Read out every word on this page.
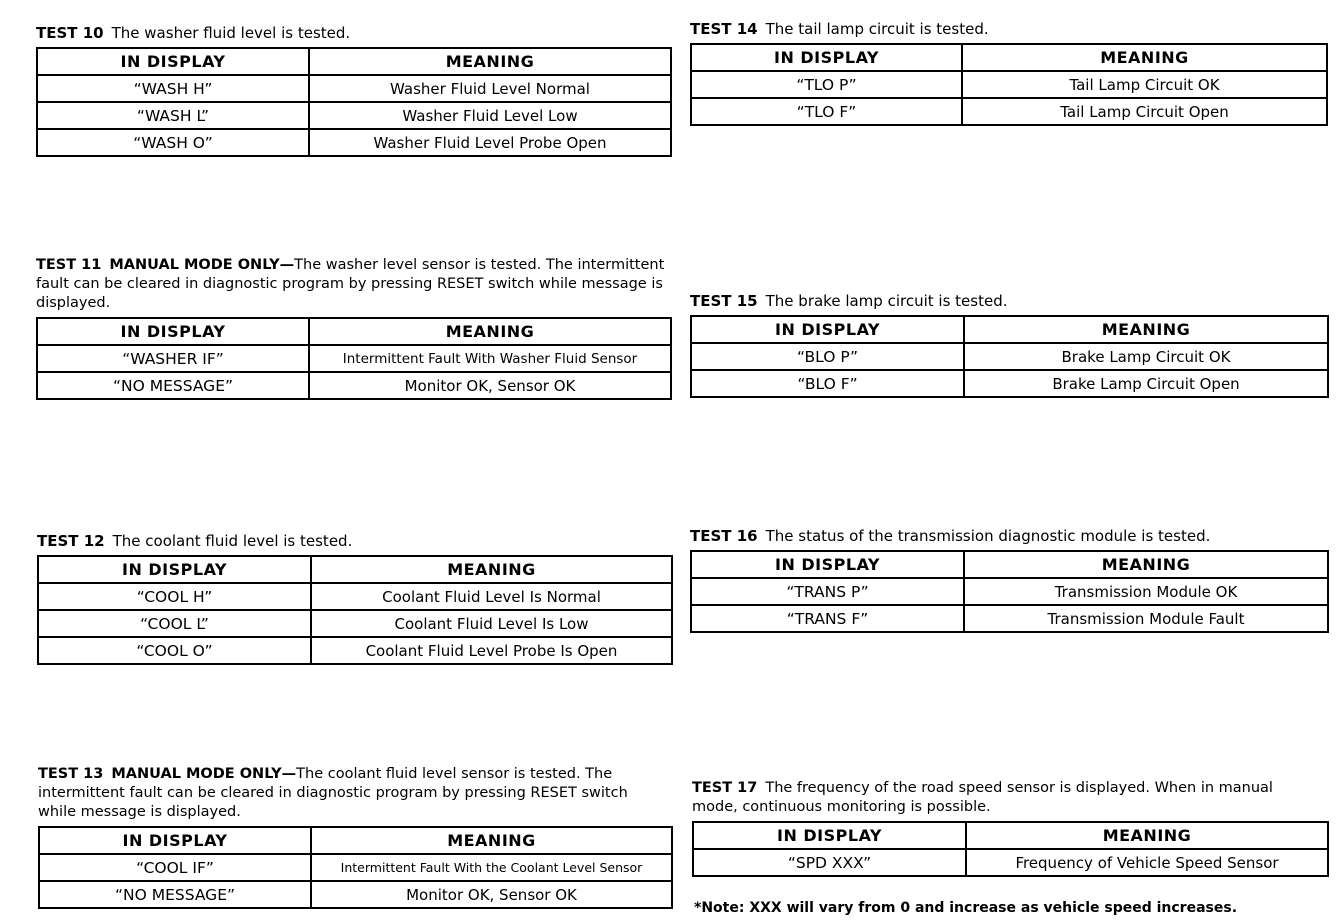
TEST 10 The washer fluid level is tested.

IN DISPLAY	MEANING
“WASH H”	Washer Fluid Level Normal
“WASH L”	Washer Fluid Level Low
“WASH O”	Washer Fluid Level Probe Open

TEST 11 MANUAL MODE ONLY—The washer level sensor is tested. The intermittent fault can be cleared in diagnostic program by pressing RESET switch while message is displayed.

IN DISPLAY	MEANING
“WASHER IF”	Intermittent Fault With Washer Fluid Sensor
“NO MESSAGE”	Monitor OK, Sensor OK

TEST 12 The coolant fluid level is tested.

IN DISPLAY	MEANING
“COOL H”	Coolant Fluid Level Is Normal
“COOL L”	Coolant Fluid Level Is Low
“COOL O”	Coolant Fluid Level Probe Is Open

TEST 13 MANUAL MODE ONLY—The coolant fluid level sensor is tested. The intermittent fault can be cleared in diagnostic program by pressing RESET switch while message is displayed.

IN DISPLAY	MEANING
“COOL IF”	Intermittent Fault With the Coolant Level Sensor
“NO MESSAGE”	Monitor OK, Sensor OK

TEST 14 The tail lamp circuit is tested.

IN DISPLAY	MEANING
“TLO P”	Tail Lamp Circuit OK
“TLO F”	Tail Lamp Circuit Open

TEST 15 The brake lamp circuit is tested.

IN DISPLAY	MEANING
“BLO P”	Brake Lamp Circuit OK
“BLO F”	Brake Lamp Circuit Open

TEST 16 The status of the transmission diagnostic module is tested.

IN DISPLAY	MEANING
“TRANS P”	Transmission Module OK
“TRANS F”	Transmission Module Fault

TEST 17 The frequency of the road speed sensor is displayed. When in manual mode, continuous monitoring is possible.

IN DISPLAY	MEANING
“SPD XXX”	Frequency of Vehicle Speed Sensor
*Note: XXX will vary from 0 and increase as vehicle speed increases.
